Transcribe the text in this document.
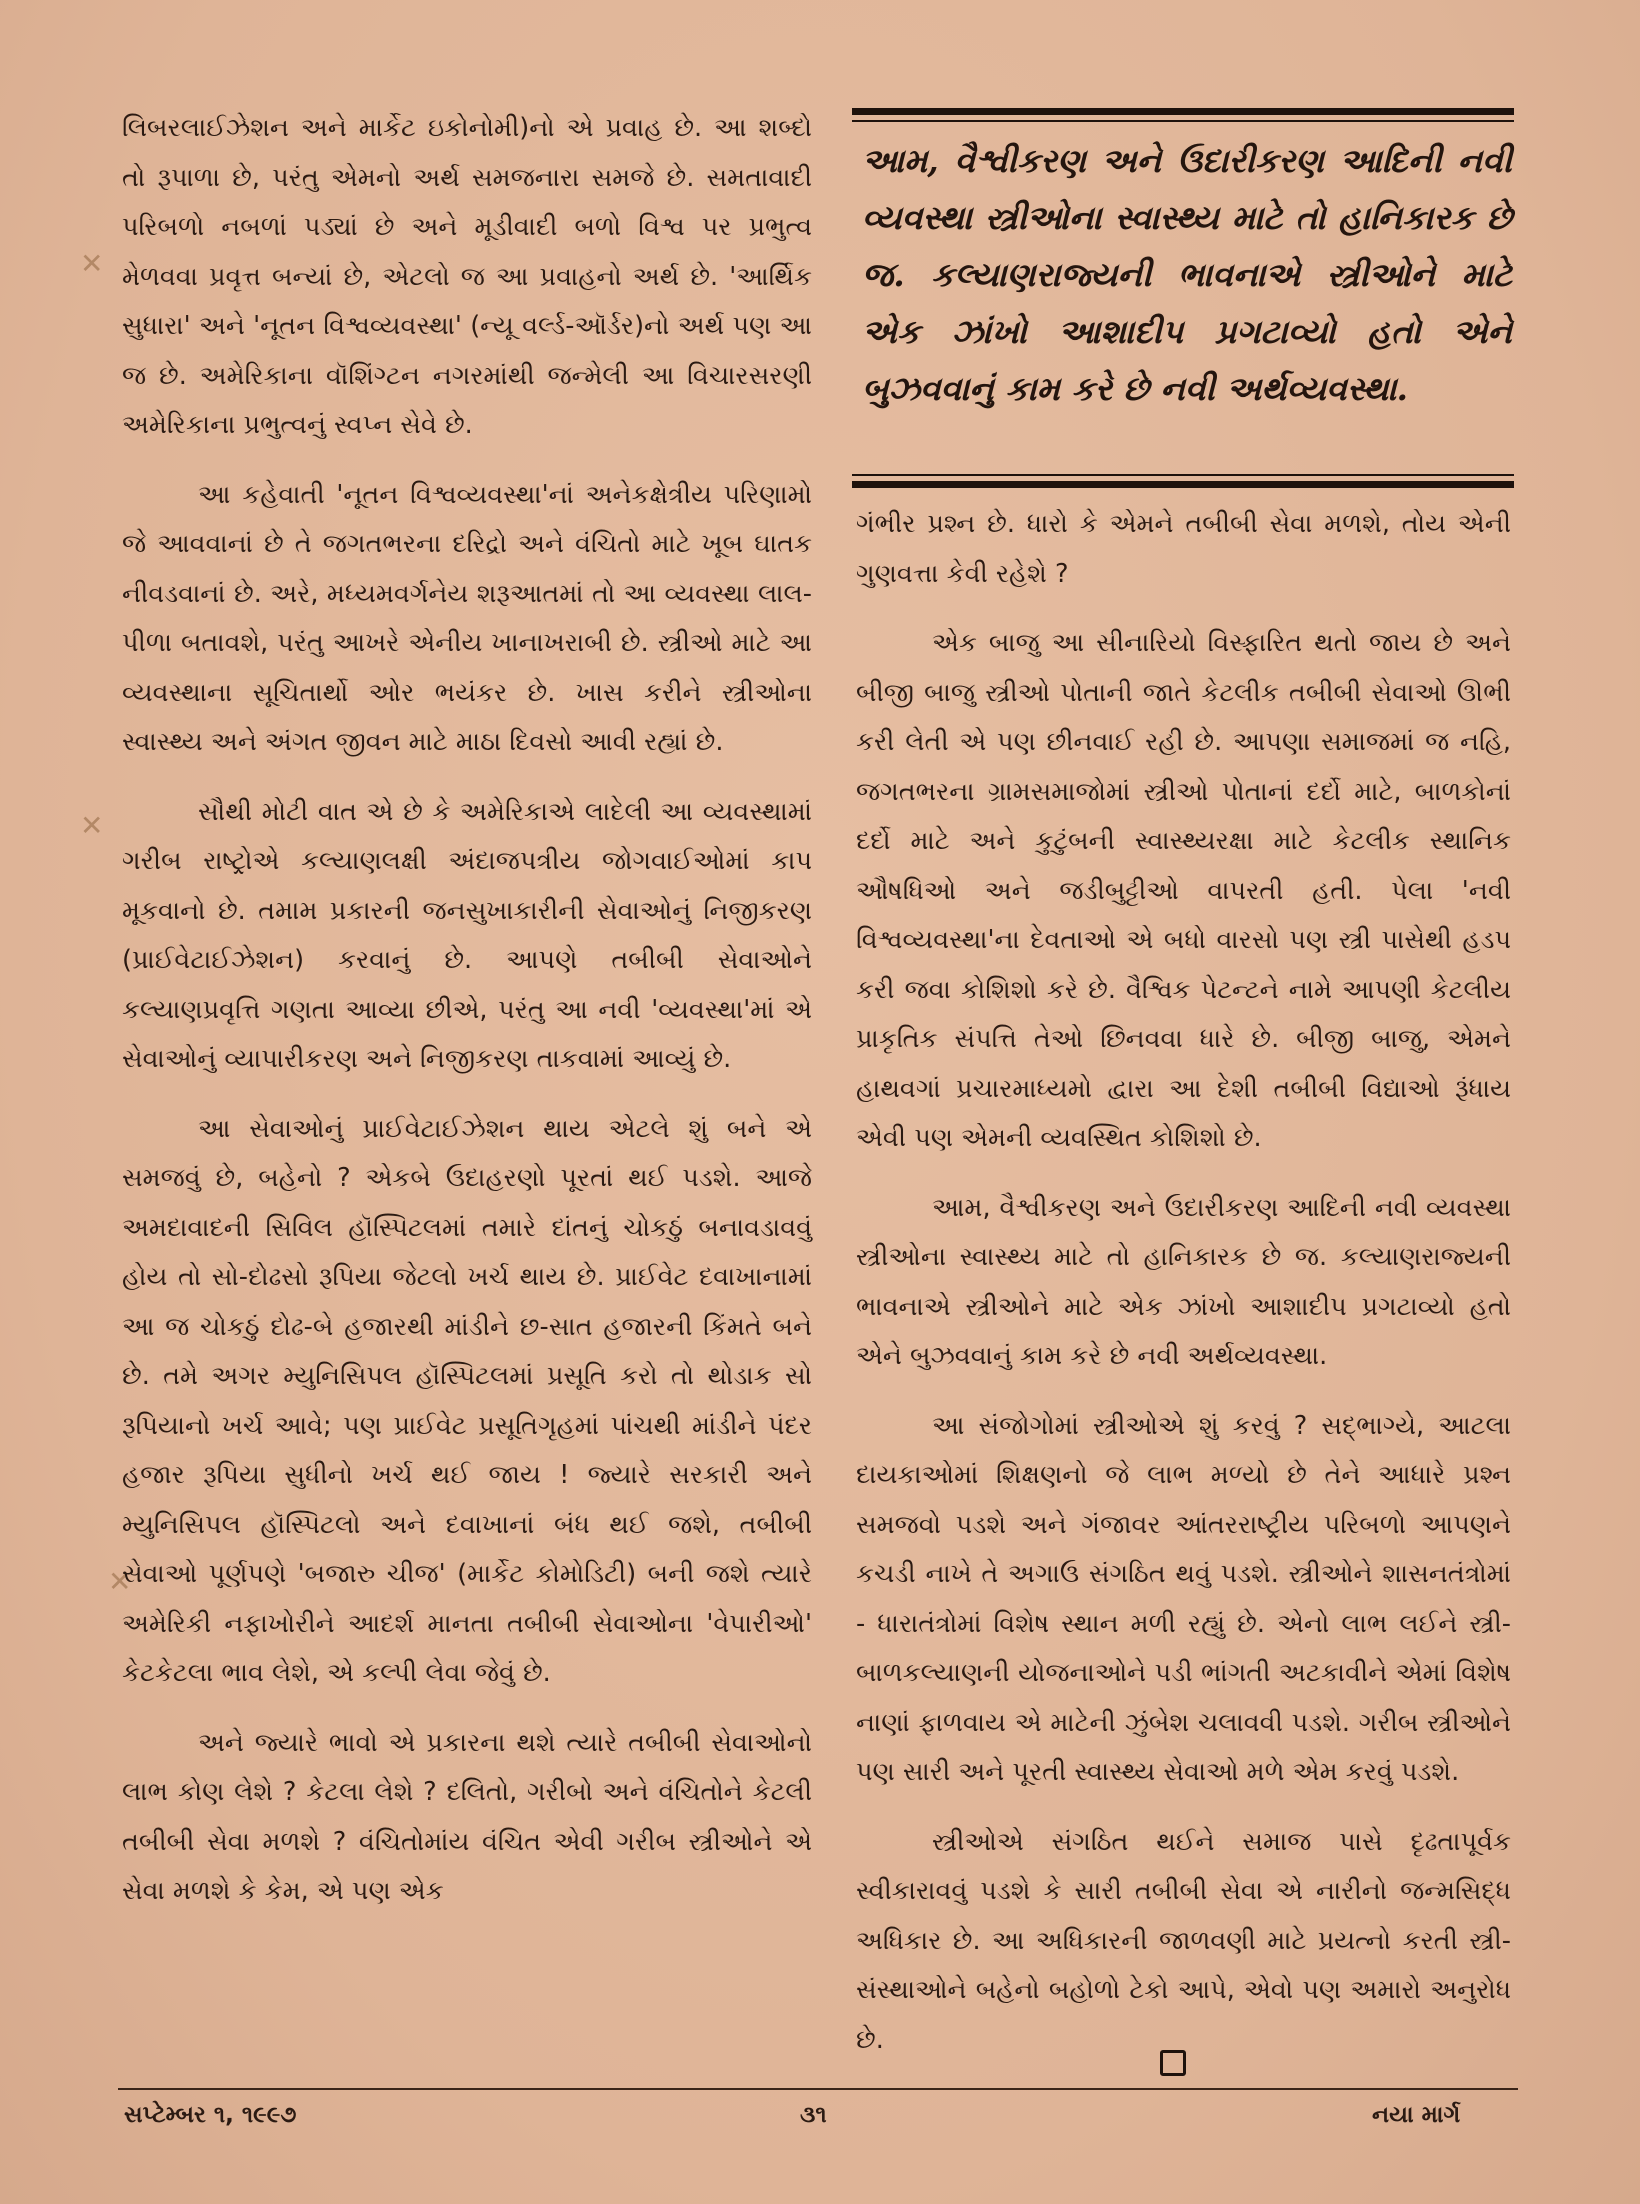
✕
✕
✕

લિબરલાઈઝેશન અને માર્કેટ ઇકોનોમી)નો એ પ્રવાહ છે. આ શબ્દો તો રૂપાળા છે, પરંતુ એમનો અર્થ સમજનારા સમજે છે. સમતાવાદી પરિબળો નબળાં પડ્યાં છે અને મૂડીવાદી બળો વિશ્વ પર પ્રભુત્વ મેળવવા પ્રવૃત્ત બન્યાં છે, એટલો જ આ પ્રવાહનો અર્થ છે. 'આર્થિક સુધારા' અને 'નૂતન વિશ્વવ્યવસ્થા' (ન્યૂ વર્લ્ડ-ઑર્ડર)નો અર્થ પણ આ જ છે. અમેરિકાના વૉશિંગ્ટન નગરમાંથી જન્મેલી આ વિચારસરણી અમેરિકાના પ્રભુત્વનું સ્વપ્ન સેવે છે.

આ કહેવાતી 'નૂતન વિશ્વવ્યવસ્થા'નાં અનેકક્ષેત્રીય પરિણામો જે આવવાનાં છે તે જગતભરના દરિદ્રો અને વંચિતો માટે ખૂબ ઘાતક નીવડવાનાં છે. અરે, મધ્યમવર્ગનેય શરૂઆતમાં તો આ વ્યવસ્થા લાલ-પીળા બતાવશે, પરંતુ આખરે એનીય ખાનાખરાબી છે. સ્ત્રીઓ માટે આ વ્યવસ્થાના સૂચિતાર્થો ઓર ભયંકર છે. ખાસ કરીને સ્ત્રીઓના સ્વાસ્થ્ય અને અંગત જીવન માટે માઠા દિવસો આવી રહ્યાં છે.

સૌથી મોટી વાત એ છે કે અમેરિકાએ લાદેલી આ વ્યવસ્થામાં ગરીબ રાષ્ટ્રોએ કલ્યાણલક્ષી અંદાજપત્રીય જોગવાઈઓમાં કાપ મૂકવાનો છે. તમામ પ્રકારની જનસુખાકારીની સેવાઓનું નિજીકરણ (પ્રાઈવેટાઈઝેશન) કરવાનું છે. આપણે તબીબી સેવાઓને કલ્યાણપ્રવૃત્તિ ગણતા આવ્યા છીએ, પરંતુ આ નવી 'વ્યવસ્થા'માં એ સેવાઓનું વ્યાપારીકરણ અને નિજીકરણ તાકવામાં આવ્યું છે.

આ સેવાઓનું પ્રાઈવેટાઈઝેશન થાય એટલે શું બને એ સમજવું છે, બહેનો ? એકબે ઉદાહરણો પૂરતાં થઈ પડશે. આજે અમદાવાદની સિવિલ હૉસ્પિટલમાં તમારે દાંતનું ચોકઠું બનાવડાવવું હોય તો સો-દોઢસો રૂપિયા જેટલો ખર્ચ થાય છે. પ્રાઈવેટ દવાખાનામાં આ જ ચોકઠું દોઢ-બે હજારથી માંડીને છ-સાત હજારની કિંમતે બને છે. તમે અગર મ્યુનિસિપલ હૉસ્પિટલમાં પ્રસૂતિ કરો તો થોડાક સો રૂપિયાનો ખર્ચ આવે; પણ પ્રાઈવેટ પ્રસૂતિગૃહમાં પાંચથી માંડીને પંદર હજાર રૂપિયા સુધીનો ખર્ચ થઈ જાય ! જ્યારે સરકારી અને મ્યુનિસિપલ હૉસ્પિટલો અને દવાખાનાં બંધ થઈ જશે, તબીબી સેવાઓ પૂર્ણપણે 'બજારુ ચીજ' (માર્કેટ કોમોડિટી) બની જશે ત્યારે અમેરિકી નફાખોરીને આદર્શ માનતા તબીબી સેવાઓના 'વેપારીઓ' કેટકેટલા ભાવ લેશે, એ કલ્પી લેવા જેવું છે.

અને જ્યારે ભાવો એ પ્રકારના થશે ત્યારે તબીબી સેવાઓનો લાભ કોણ લેશે ? કેટલા લેશે ? દલિતો, ગરીબો અને વંચિતોને કેટલી તબીબી સેવા મળશે ? વંચિતોમાંય વંચિત એવી ગરીબ સ્ત્રીઓને એ સેવા મળશે કે કેમ, એ પણ એક

આમ, વૈશ્વીકરણ અને ઉદારીકરણ આદિની નવી વ્યવસ્થા સ્ત્રીઓના સ્વાસ્થ્ય માટે તો હાનિકારક છે જ. કલ્યાણરાજ્યની ભાવનાએ સ્ત્રીઓને માટે એક ઝાંખો આશાદીપ પ્રગટાવ્યો હતો એને બુઝવવાનું કામ કરે છે નવી અર્થવ્યવસ્થા.

ગંભીર પ્રશ્ન છે. ધારો કે એમને તબીબી સેવા મળશે, તોય એની ગુણવત્તા કેવી રહેશે ?

એક બાજુ આ સીનારિયો વિસ્ફારિત થતો જાય છે અને બીજી બાજુ સ્ત્રીઓ પોતાની જાતે કેટલીક તબીબી સેવાઓ ઊભી કરી લેતી એ પણ છીનવાઈ રહી છે. આપણા સમાજમાં જ નહિ, જગતભરના ગ્રામસમાજોમાં સ્ત્રીઓ પોતાનાં દર્દો માટે, બાળકોનાં દર્દો માટે અને કુટુંબની સ્વાસ્થ્યરક્ષા માટે કેટલીક સ્થાનિક ઔષધિઓ અને જડીબુટ્ટીઓ વાપરતી હતી. પેલા 'નવી વિશ્વવ્યવસ્થા'ના દેવતાઓ એ બધો વારસો પણ સ્ત્રી પાસેથી હડપ કરી જવા કોશિશો કરે છે. વૈશ્વિક પેટન્ટને નામે આપણી કેટલીય પ્રાકૃતિક સંપત્તિ તેઓ છિનવવા ધારે છે. બીજી બાજુ, એમને હાથવગાં પ્રચારમાધ્યમો દ્વારા આ દેશી તબીબી વિદ્યાઓ રૂંધાય એવી પણ એમની વ્યવસ્થિત કોશિશો છે.

આમ, વૈશ્વીકરણ અને ઉદારીકરણ આદિની નવી વ્યવસ્થા સ્ત્રીઓના સ્વાસ્થ્ય માટે તો હાનિકારક છે જ. કલ્યાણરાજ્યની ભાવનાએ સ્ત્રીઓને માટે એક ઝાંખો આશાદીપ પ્રગટાવ્યો હતો એને બુઝવવાનું કામ કરે છે નવી અર્થવ્યવસ્થા.

આ સંજોગોમાં સ્ત્રીઓએ શું કરવું ? સદ્ભાગ્યે, આટલા દાયકાઓમાં શિક્ષણનો જે લાભ મળ્યો છે તેને આધારે પ્રશ્ન સમજવો પડશે અને ગંજાવર આંતરરાષ્ટ્રીય પરિબળો આપણને કચડી નાખે તે અગાઉ સંગઠિત થવું પડશે. સ્ત્રીઓને શાસનતંત્રોમાં - ધારાતંત્રોમાં વિશેષ સ્થાન મળી રહ્યું છે. એનો લાભ લઈને સ્ત્રી-બાળકલ્યાણની યોજનાઓને પડી ભાંગતી અટકાવીને એમાં વિશેષ નાણાં ફાળવાય એ માટેની ઝુંબેશ ચલાવવી પડશે. ગરીબ સ્ત્રીઓને પણ સારી અને પૂરતી સ્વાસ્થ્ય સેવાઓ મળે એમ કરવું પડશે.

સ્ત્રીઓએ સંગઠિત થઈને સમાજ પાસે દૃઢતાપૂર્વક સ્વીકારાવવું પડશે કે સારી તબીબી સેવા એ નારીનો જન્મસિદ્ધ અધિકાર છે. આ અધિકારની જાળવણી માટે પ્રયત્નો કરતી સ્ત્રી-સંસ્થાઓને બહેનો બહોળો ટેકો આપે, એવો પણ અમારો અનુરોધ છે.

સપ્ટેમ્બર ૧, ૧૯૯૭	૩૧	નયા માર્ગ
